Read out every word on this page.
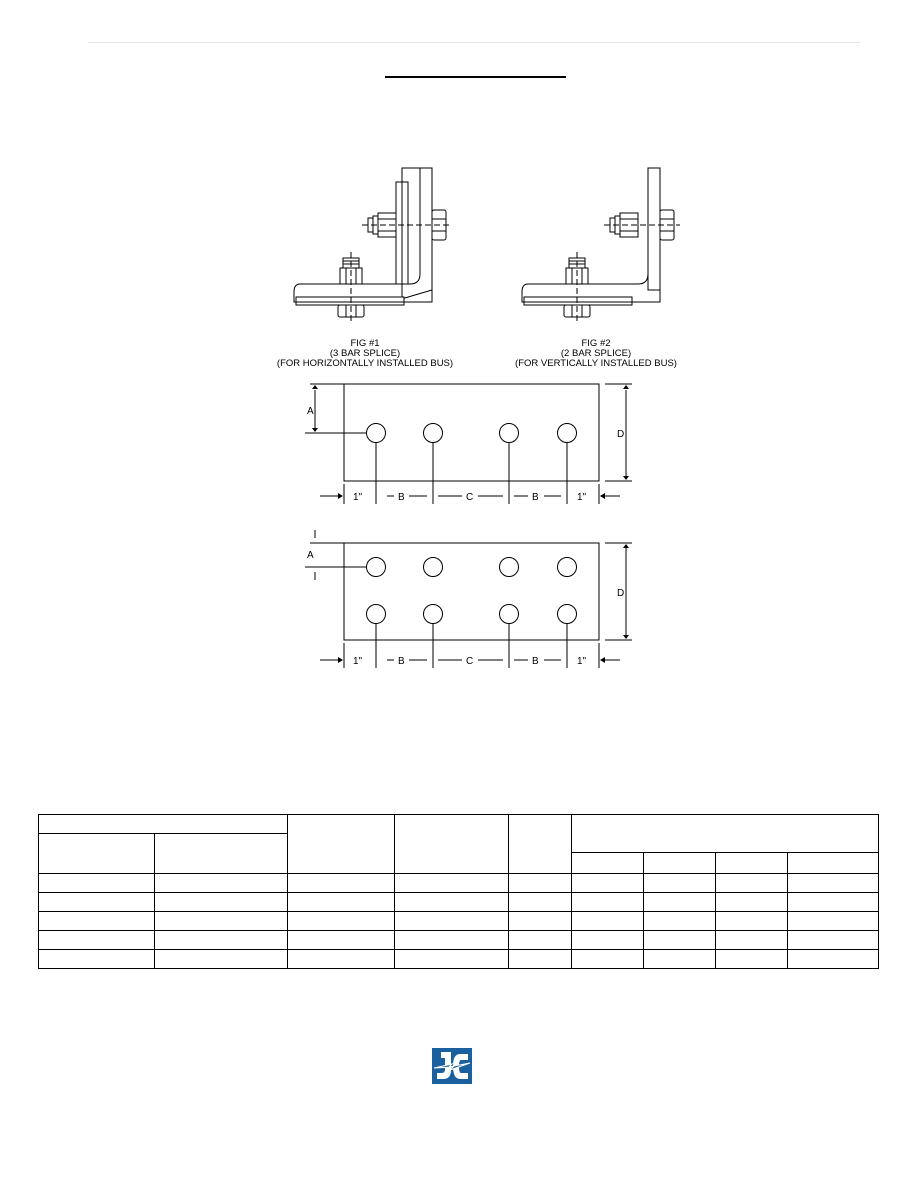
FIG #1
(3 BAR SPLICE)
(FOR HORIZONTALLY INSTALLED BUS)
FIG #2
(2 BAR SPLICE)
(FOR VERTICALLY INSTALLED BUS)
A
D
1"	B	C	B	1"
A
D
1"	B	C	B	1"
